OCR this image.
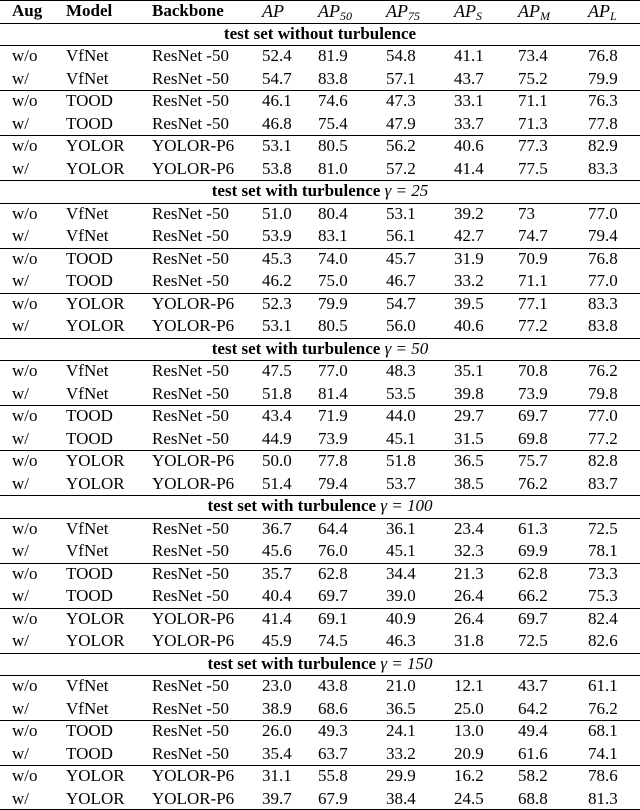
Aug Model Backbone AP $AP_{50}$ $AP_{75}$ $AP_S$ $AP_M$ $AP_L$
test set without turbulence
w/o VfNet	ResNet -50 52.4 81.9 54.8 41.1 73.4 76.8
w/ VfNet	ResNet -50 54.7 83.8 57.1 43.7 75.2 79.9
w/o TOOD ResNet -50 46.1 74.6 47.3 33.1 71.1 76.3
w/ TOOD ResNet -50 46.8 75.4 47.9 33.7 71.3 77.8
w/o YOLOR YOLOR-P6 53.1 80.5 56.2 40.6 77.3 82.9
w/ YOLOR YOLOR-P6 53.8 81.0 57.2 41.4 77.5 83.3
test set with turbulence γ = 25
w/o VfNet	ResNet -50 51.0 80.4 53.1 39.2 73	77.0
w/ VfNet	ResNet -50 53.9 83.1 56.1 42.7 74.7 79.4
w/o TOOD ResNet -50 45.3 74.0 45.7 31.9 70.9 76.8
w/ TOOD ResNet -50 46.2 75.0 46.7 33.2 71.1 77.0
w/o YOLOR YOLOR-P6 52.3 79.9 54.7 39.5 77.1 83.3
w/ YOLOR YOLOR-P6 53.1 80.5 56.0 40.6 77.2 83.8
test set with turbulence γ = 50
w/o VfNet	ResNet -50 47.5 77.0 48.3 35.1 70.8 76.2
w/ VfNet	ResNet -50 51.8 81.4 53.5 39.8 73.9 79.8
w/o TOOD ResNet -50 43.4 71.9 44.0 29.7 69.7 77.0
w/ TOOD ResNet -50 44.9 73.9 45.1 31.5 69.8 77.2
w/o YOLOR YOLOR-P6 50.0 77.8 51.8 36.5 75.7 82.8
w/ YOLOR YOLOR-P6 51.4 79.4 53.7 38.5 76.2 83.7
test set with turbulence γ = 100
w/o VfNet	ResNet -50 36.7 64.4 36.1 23.4 61.3 72.5
w/ VfNet	ResNet -50 45.6 76.0 45.1 32.3 69.9 78.1
w/o TOOD ResNet -50 35.7 62.8 34.4 21.3 62.8 73.3
w/ TOOD ResNet -50 40.4 69.7 39.0 26.4 66.2 75.3
w/o YOLOR YOLOR-P6 41.4 69.1 40.9 26.4 69.7 82.4
w/ YOLOR YOLOR-P6 45.9 74.5 46.3 31.8 72.5 82.6
test set with turbulence γ = 150
w/o VfNet	ResNet -50 23.0 43.8 21.0 12.1 43.7 61.1
w/ VfNet	ResNet -50 38.9 68.6 36.5 25.0 64.2 76.2
w/o TOOD ResNet -50 26.0 49.3 24.1 13.0 49.4 68.1
w/ TOOD ResNet -50 35.4 63.7 33.2 20.9 61.6 74.1
w/o YOLOR YOLOR-P6 31.1 55.8 29.9 16.2 58.2 78.6
w/ YOLOR YOLOR-P6 39.7 67.9 38.4 24.5 68.8 81.3
